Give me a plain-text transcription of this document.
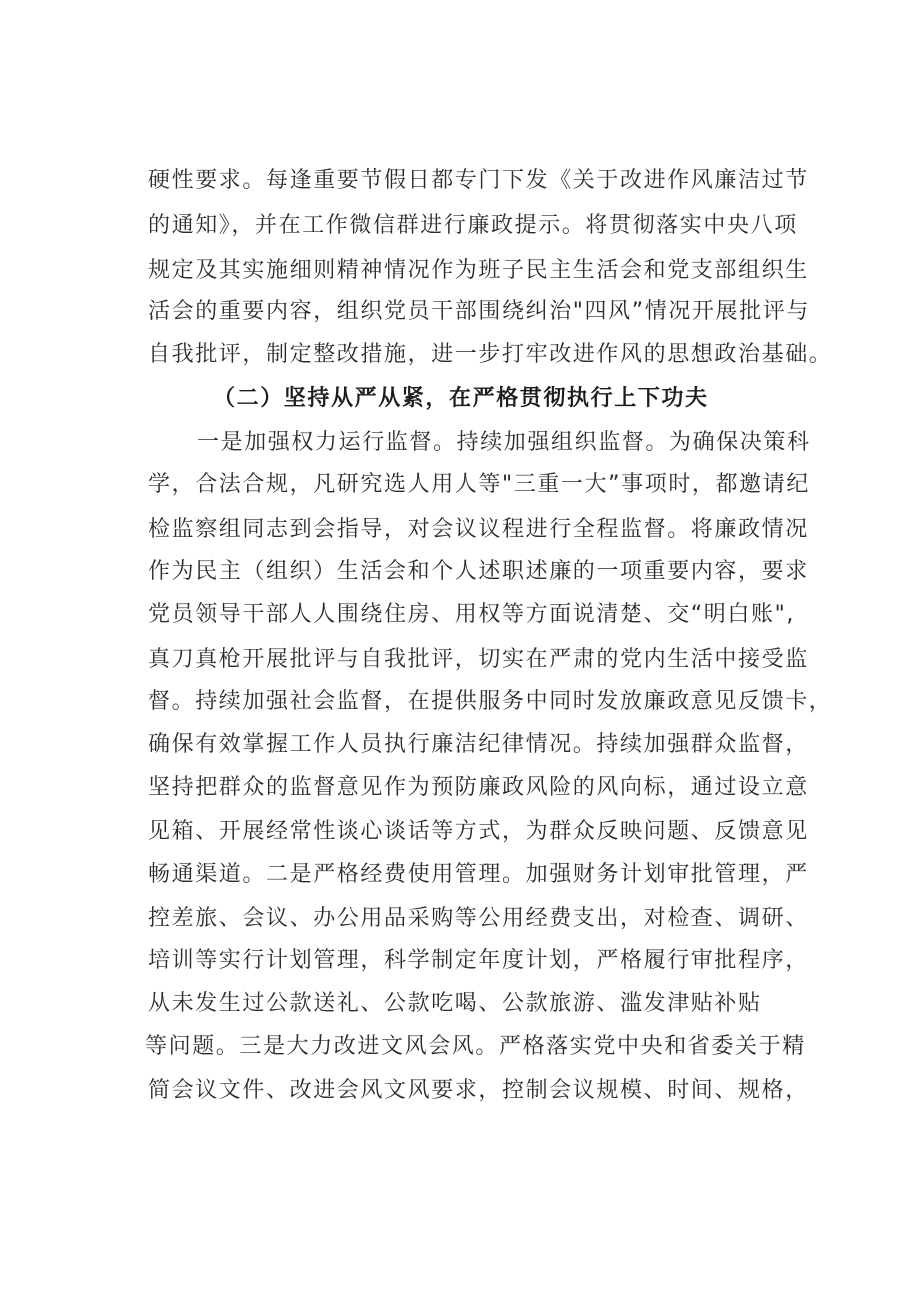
硬性要求。每逢重要节假日都专门下发《关于改进作风廉洁过节
的通知》，并在工作微信群进行廉政提示。将贯彻落实中央八项
规定及其实施细则精神情况作为班子民主生活会和党支部组织生
活会的重要内容，组织党员干部围绕纠治"四风”情况开展批评与
自我批评，制定整改措施，进一步打牢改进作风的思想政治基础。
（二）坚持从严从紧，在严格贯彻执行上下功夫
一是加强权力运行监督。持续加强组织监督。为确保决策科
学，合法合规，凡研究选人用人等"三重一大”事项时，都邀请纪
检监察组同志到会指导，对会议议程进行全程监督。将廉政情况
作为民主（组织）生活会和个人述职述廉的一项重要内容，要求
党员领导干部人人围绕住房、用权等方面说清楚、交“明白账",
真刀真枪开展批评与自我批评，切实在严肃的党内生活中接受监
督。持续加强社会监督，在提供服务中同时发放廉政意见反馈卡，
确保有效掌握工作人员执行廉洁纪律情况。持续加强群众监督，
坚持把群众的监督意见作为预防廉政风险的风向标，通过设立意
见箱、开展经常性谈心谈话等方式，为群众反映问题、反馈意见
畅通渠道。二是严格经费使用管理。加强财务计划审批管理，严
控差旅、会议、办公用品采购等公用经费支出，对检查、调研、
培训等实行计划管理，科学制定年度计划，严格履行审批程序，
从未发生过公款送礼、公款吃喝、公款旅游、滥发津贴补贴
等问题。三是大力改进文风会风。严格落实党中央和省委关于精
简会议文件、改进会风文风要求，控制会议规模、时间、规格，
